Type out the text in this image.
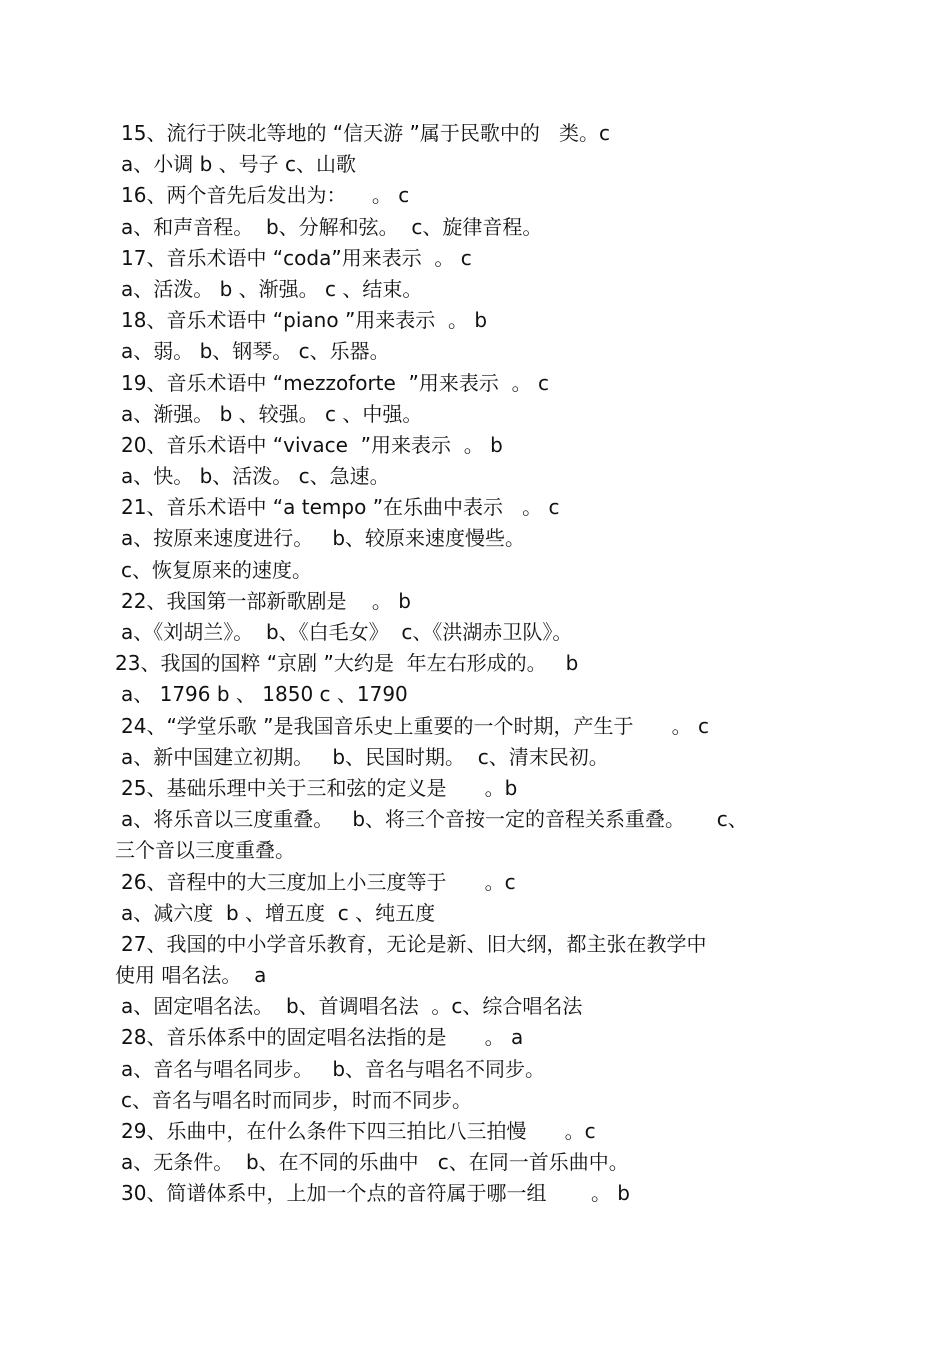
15、流行于陕北等地的 “信天游 ”属于民歌中的   类。c
a、小调 b 、号子 c、山歌
16、两个音先后发出为：    。 c
a、和声音程。  b、分解和弦。  c、旋律音程。
17、音乐术语中 “coda”用来表示  。 c
a、活泼。 b 、渐强。 c 、结束。
18、音乐术语中 “piano ”用来表示  。 b
a、弱。 b、钢琴。 c、乐器。
19、音乐术语中 “mezzoforte  ”用来表示  。 c
a、渐强。 b 、较强。 c 、中强。
20、音乐术语中 “vivace  ”用来表示  。 b
a、快。 b、活泼。 c、急速。
21、音乐术语中 “a tempo ”在乐曲中表示   。 c
a、按原来速度进行。   b、较原来速度慢些。
c、恢复原来的速度。
22、我国第一部新歌剧是    。 b
a、《刘胡兰》。  b、《白毛女》  c、《洪湖赤卫队》。
23、我国的国粹 “京剧 ”大约是  年左右形成的。   b
a、 1796 b 、 1850 c 、1790
24、“学堂乐歌 ”是我国音乐史上重要的一个时期，产生于      。 c
a、新中国建立初期。   b、民国时期。  c、清末民初。
25、基础乐理中关于三和弦的定义是      。b
a、将乐音以三度重叠。   b、将三个音按一定的音程关系重叠。     c、
三个音以三度重叠。
26、音程中的大三度加上小三度等于      。c
a、减六度  b 、增五度  c 、纯五度
27、我国的中小学音乐教育，无论是新、旧大纲，都主张在教学中
使用 唱名法。  a
a、固定唱名法。  b、首调唱名法  。c、综合唱名法
28、音乐体系中的固定唱名法指的是      。 a
a、音名与唱名同步。   b、音名与唱名不同步。
c、音名与唱名时而同步，时而不同步。
29、乐曲中，在什么条件下四三拍比八三拍慢      。c
a、无条件。  b、在不同的乐曲中   c、在同一首乐曲中。
30、简谱体系中，上加一个点的音符属于哪一组       。 b
